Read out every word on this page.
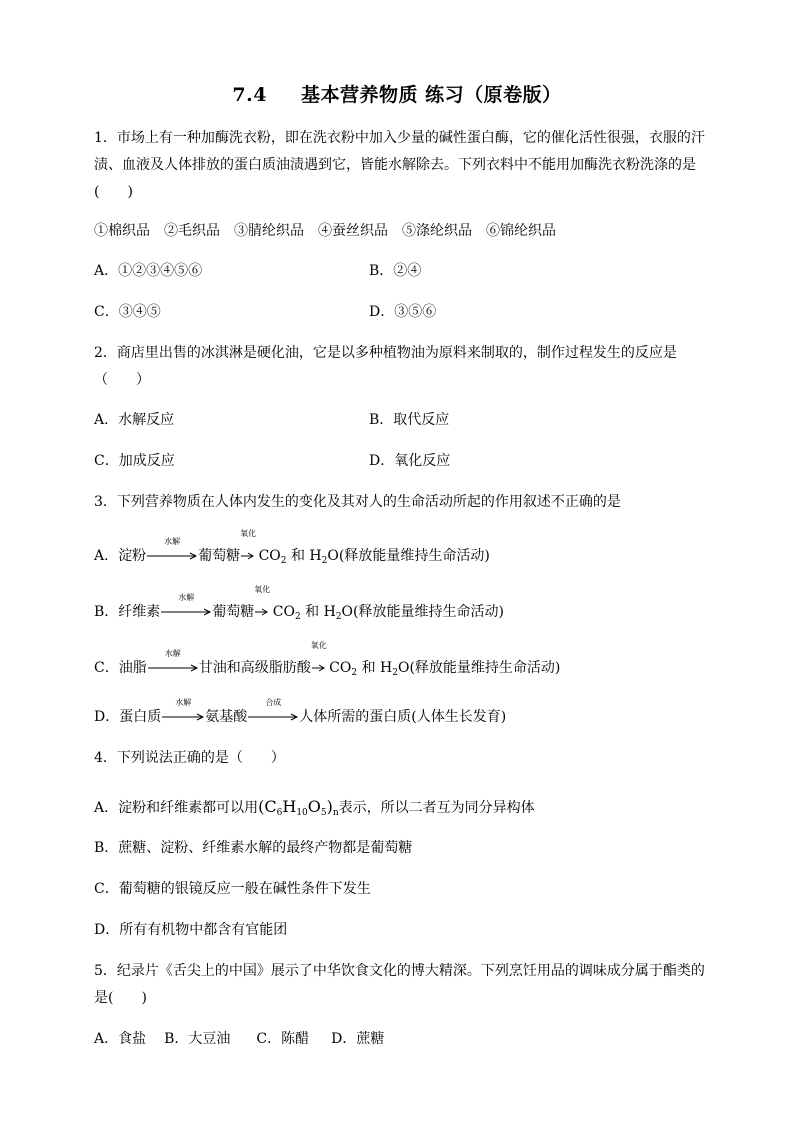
7.4 基本营养物质 练习（原卷版）
1．市场上有一种加酶洗衣粉，即在洗衣粉中加入少量的碱性蛋白酶，它的催化活性很强，衣服的汗
渍、血液及人体排放的蛋白质油渍遇到它，皆能水解除去。下列衣料中不能用加酶洗衣粉洗涤的是
(　　)
①棉织品　②毛织品　③腈纶织品　④蚕丝织品　⑤涤纶织品　⑥锦纶织品
A．①②③④⑤⑥	B．②④
C．③④⑤	D．③⑤⑥
2．商店里出售的冰淇淋是硬化油，它是以多种植物油为原料来制取的，制作过程发生的反应是
（　　）
A．水解反应	B．取代反应
C．加成反应	D．氧化反应
3．下列营养物质在人体内发生的变化及其对人的生命活动所起的作用叙述不正确的是
A．淀粉
水解
葡萄糖
氧化
$CO_2$ 和 $H_2O$(释放能量维持生命活动)
B．纤维素
水解
葡萄糖
氧化
$CO_2$ 和 $H_2O$(释放能量维持生命活动)
C．油脂
水解
甘油和高级脂肪酸
氧化
$CO_2$ 和 $H_2O$(释放能量维持生命活动)
D．蛋白质
水解
氨基酸
合成
人体所需的蛋白质(人体生长发育)
4．下列说法正确的是（　　）
A．淀粉和纤维素都可以用$(C_6H_{10}O_5)_n$表示，所以二者互为同分异构体
B．蔗糖、淀粉、纤维素水解的最终产物都是葡萄糖
C．葡萄糖的银镜反应一般在碱性条件下发生
D．所有有机物中都含有官能团
5．纪录片《舌尖上的中国》展示了中华饮食文化的博大精深。下列烹饪用品的调味成分属于酯类的
是(　　)
A．食盐 B．大豆油 C．陈醋 D．蔗糖
